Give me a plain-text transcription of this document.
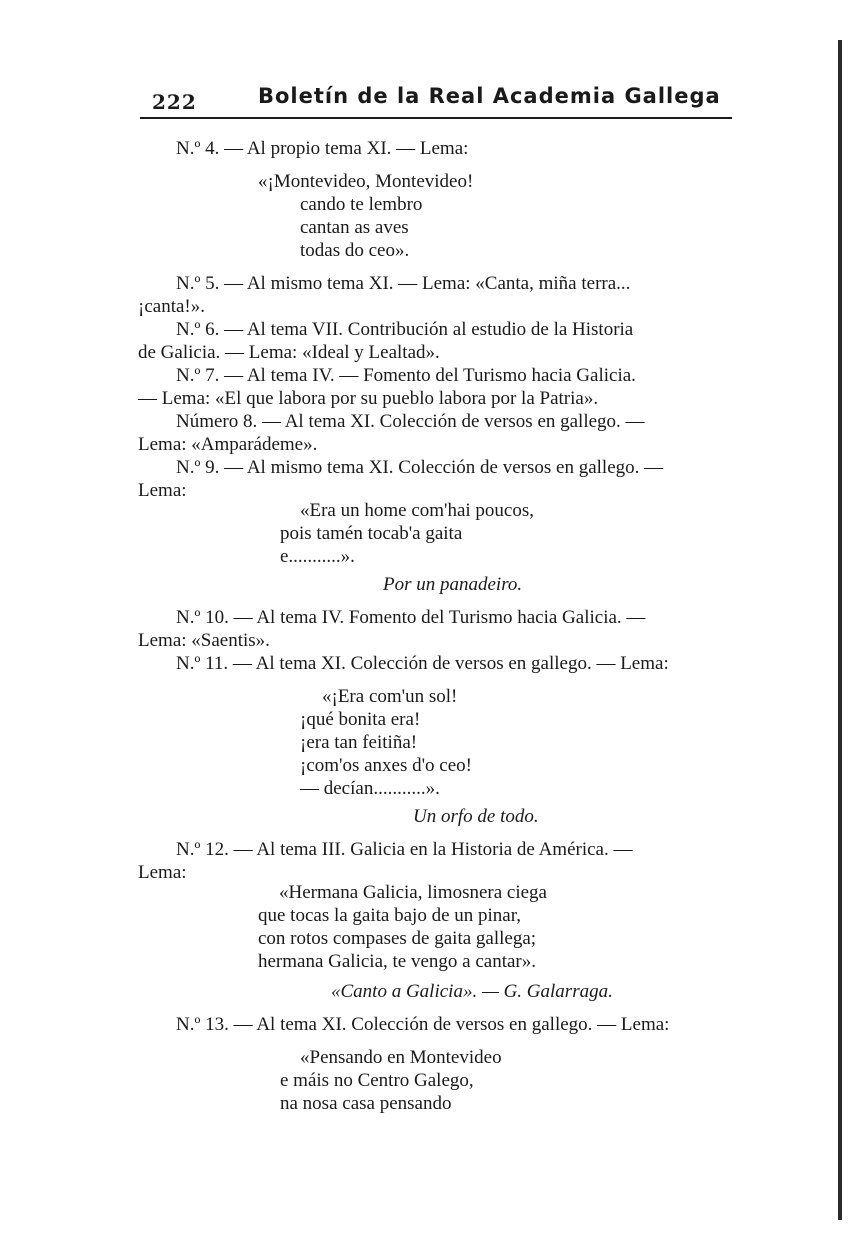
222	Boletín de la Real Academia Gallega
N.º 4. — Al propio tema XI. — Lema:
«¡Montevideo, Montevideo!
cando te lembro
cantan as aves
todas do ceo».
N.º 5. — Al mismo tema XI. — Lema: «Canta, miña terra...
¡canta!».
N.º 6. — Al tema VII. Contribución al estudio de la Historia
de Galicia. — Lema: «Ideal y Lealtad».
N.º 7. — Al tema IV. — Fomento del Turismo hacia Galicia.
— Lema: «El que labora por su pueblo labora por la Patria».
Número 8. — Al tema XI. Colección de versos en gallego. —
Lema: «Amparádeme».
N.º 9. — Al mismo tema XI. Colección de versos en gallego. —
Lema:
«Era un home com'hai poucos,
pois tamén tocab'a gaita
e...........».
Por un panadeiro.
N.º 10. — Al tema IV. Fomento del Turismo hacia Galicia. —
Lema: «Saentis».
N.º 11. — Al tema XI. Colección de versos en gallego. — Lema:
«¡Era com'un sol!
¡qué bonita era!
¡era tan feitiña!
¡com'os anxes d'o ceo!
— decían...........».
Un orfo de todo.
N.º 12. — Al tema III. Galicia en la Historia de América. —
Lema:
«Hermana Galicia, limosnera ciega
que tocas la gaita bajo de un pinar,
con rotos compases de gaita gallega;
hermana Galicia, te vengo a cantar».
«Canto a Galicia». — G. Galarraga.
N.º 13. — Al tema XI. Colección de versos en gallego. — Lema:
«Pensando en Montevideo
e máis no Centro Galego,
na nosa casa pensando
